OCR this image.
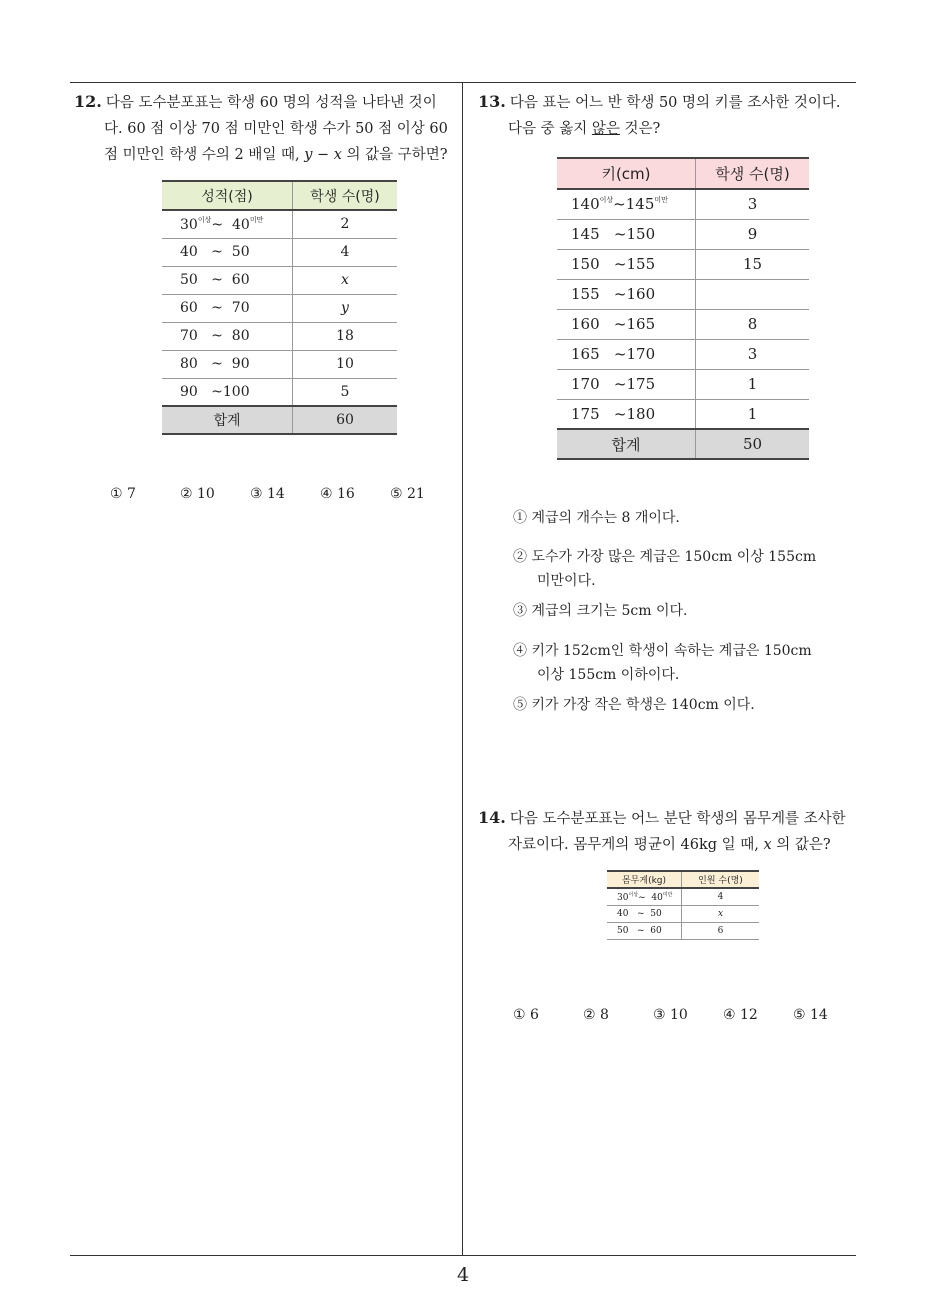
4
12. 다음 도수분포표는 학생 60 명의 성적을 나타낸 것이
다. 60 점 이상 70 점 미만인 학생 수가 50 점 이상 60
점 미만인 학생 수의 2 배일 때, y − x 의 값을 구하면?
성적(점)	학생 수(명)
$30^{이상}\sim$  $40^{미만}$	2
40   ~  50	4
50   ~  60	x
60   ~  70	y
70   ~  80	18
80   ~  90	10
90   ~100	5
합계	60
① 7	② 10	③ 14	④ 16	⑤ 21
13. 다음 표는 어느 반 학생 50 명의 키를 조사한 것이다.
다음 중 옳지 않은 것은?
키(cm)	학생 수(명)
$140^{이상}\sim 145^{미만}$	3
145   ~150	9
150   ~155	15
155   ~160	
160   ~165	8
165   ~170	3
170   ~175	1
175   ~180	1
합계	50
① 계급의 개수는 8 개이다.
② 도수가 가장 많은 계급은 150cm 이상 155cm
미만이다.
③ 계급의 크기는 5cm 이다.
④ 키가 152cm인 학생이 속하는 계급은 150cm
이상 155cm 이하이다.
⑤ 키가 가장 작은 학생은 140cm 이다.
14. 다음 도수분포표는 어느 분단 학생의 몸무게를 조사한
자료이다. 몸무게의 평균이 46kg 일 때, x 의 값은?
몸무게(kg)	인원 수(명)
$30^{이상}\sim$  $40^{미만}$	4
40   ~  50	x
50   ~  60	6
① 6	② 8	③ 10	④ 12	⑤ 14
